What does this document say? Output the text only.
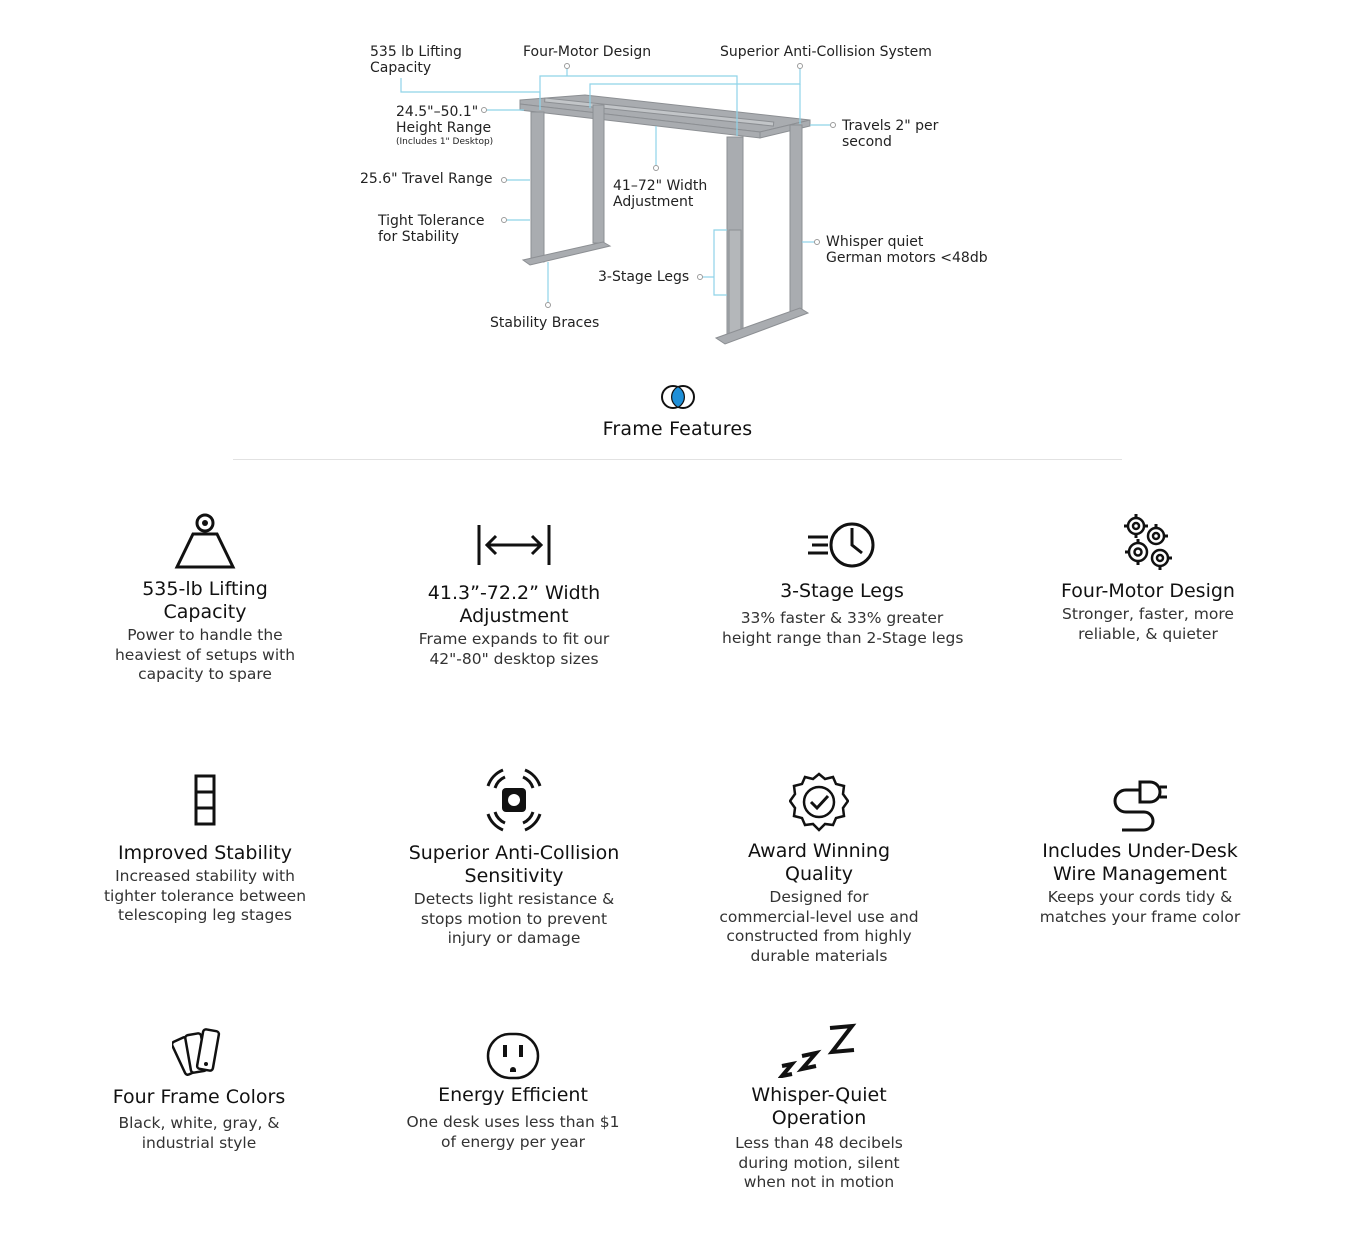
535 lb Lifting
Capacity
Four-Motor Design	Superior Anti-Collision System
24.5"–50.1"
Height Range
(Includes 1" Desktop)
Travels 2" per
second
25.6" Travel Range	41–72" Width
Adjustment
Tight Tolerance
for Stability	Whisper quiet
German motors <48db
3-Stage Legs
Stability Braces
Frame Features
535-lb Lifting
Capacity
Power to handle the
heaviest of setups with
capacity to spare
41.3”-72.2” Width
Adjustment
Frame expands to fit our
42"-80" desktop sizes
3-Stage Legs
33% faster & 33% greater
height range than 2-Stage legs
Four-Motor Design
Stronger, faster, more
reliable, & quieter
Improved Stability
Increased stability with
tighter tolerance between
telescoping leg stages
Superior Anti-Collision
Sensitivity
Detects light resistance &
stops motion to prevent
injury or damage
Award Winning
Quality
Designed for
commercial-level use and
constructed from highly
durable materials
Includes Under-Desk
Wire Management
Keeps your cords tidy &
matches your frame color
Four Frame Colors
Black, white, gray, &
industrial style
Energy Efficient
One desk uses less than $1
of energy per year
Whisper-Quiet
Operation
Less than 48 decibels
during motion, silent
when not in motion
